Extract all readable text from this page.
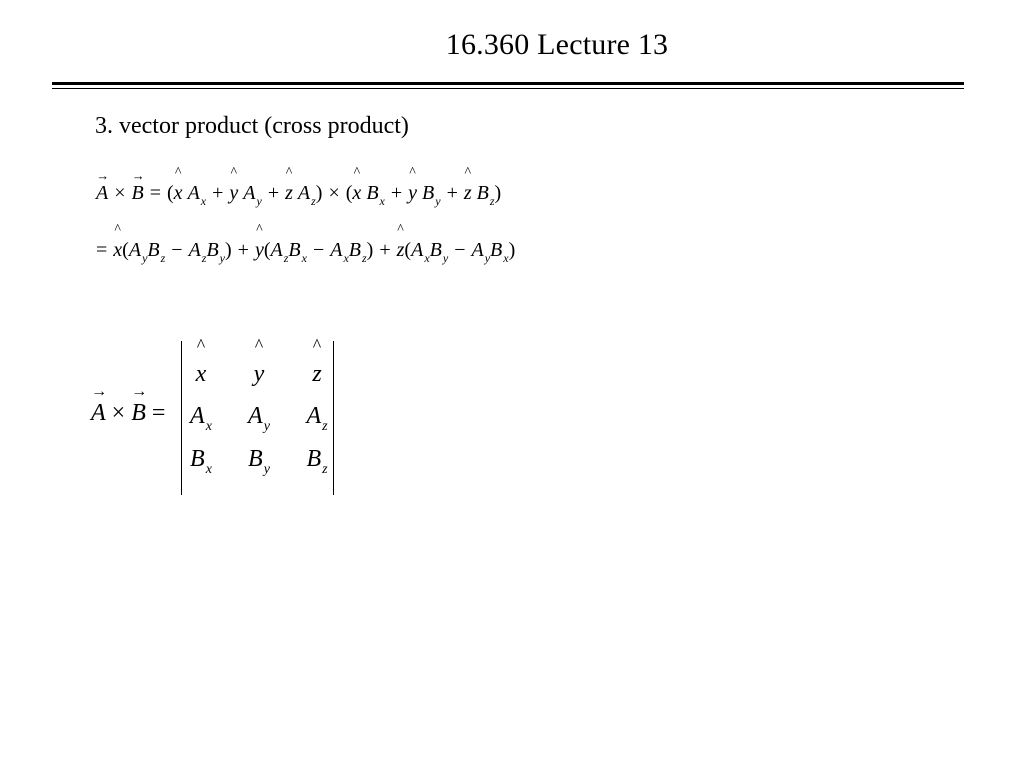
16.360 Lecture 13
3. vector product (cross product)
→ A × → B = (^ x $A_x$ + ^ y $A_y$ + ^ z $A_z$) × (^ x $B_x$ + ^ y $B_y$ + ^ z $B_z$)
= ^ $x(A_yB_z - A_zB_y)$ + ^ $y(A_zB_x - A_xB_z)$ + ^ $z(A_xB_y - A_yB_x)$
→ A × → B =
^ x	^ y	^ z
$A_x$	$A_y$	$A_z$
$B_x$	$B_y$	$B_z$
